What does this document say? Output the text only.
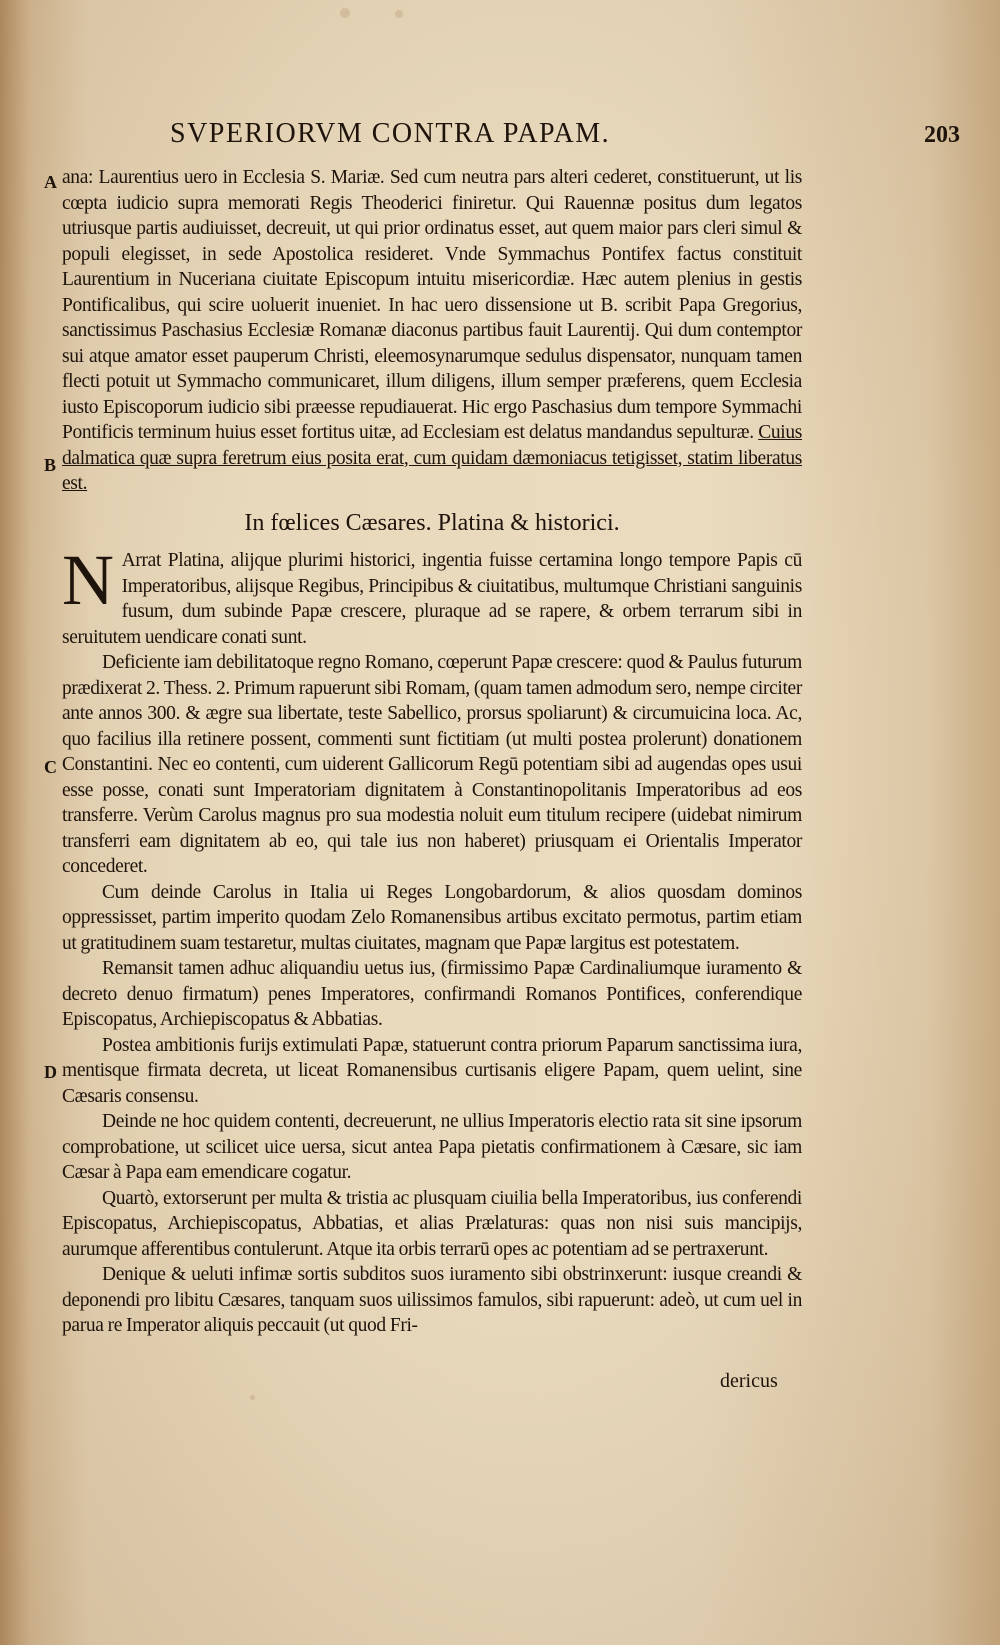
SVPERIORVM CONTRA PAPAM.	203
A
B
C
D

ana: Laurentius uero in Ecclesia S. Mariæ. Sed cum neutra pars alteri cederet, constituerunt, ut lis cœpta iudicio supra memorati Regis Theoderici finiretur. Qui Rauennæ positus dum legatos utriusque partis audiuisset, decreuit, ut qui prior ordinatus esset, aut quem maior pars cleri simul & populi elegisset, in sede Apostolica resideret. Vnde Symmachus Pontifex factus constituit Laurentium in Nuceriana ciuitate Episcopum intuitu misericordiæ. Hæc autem plenius in gestis Pontificalibus, qui scire uoluerit inueniet. In hac uero dissensione ut B. scribit Papa Gregorius, sanctissimus Paschasius Ecclesiæ Romanæ diaconus partibus fauit Laurentij. Qui dum contemptor sui atque amator esset pauperum Christi, eleemosynarumque sedulus dispensator, nunquam tamen flecti potuit ut Symmacho communicaret, illum diligens, illum semper præferens, quem Ecclesia iusto Episcoporum iudicio sibi præesse repudiauerat. Hic ergo Paschasius dum tempore Symmachi Pontificis terminum huius esset fortitus uitæ, ad Ecclesiam est delatus mandandus sepulturæ. Cuius dalmatica quæ supra feretrum eius posita erat, cum quidam dæmoniacus tetigisset, statim liberatus est.

In fœlices Cæsares. Platina & historici.

N Arrat Platina, alijque plurimi historici, ingentia fuisse certamina longo tempore Papis cū Imperatoribus, alijsque Regibus, Principibus & ciuitatibus, multumque Christiani sanguinis fusum, dum subinde Papæ crescere, pluraque ad se rapere, & orbem terrarum sibi in seruitutem uendicare conati sunt.

Deficiente iam debilitatoque regno Romano, cœperunt Papæ crescere: quod & Paulus futurum prædixerat 2. Thess. 2. Primum rapuerunt sibi Romam, (quam tamen admodum sero, nempe circiter ante annos 300. & ægre sua libertate, teste Sabellico, prorsus spoliarunt) & circumuicina loca. Ac, quo facilius illa retinere possent, commenti sunt fictitiam (ut multi postea prolerunt) donationem Constantini. Nec eo contenti, cum uiderent Gallicorum Regū potentiam sibi ad augendas opes usui esse posse, conati sunt Imperatoriam dignitatem à Constantinopolitanis Imperatoribus ad eos transferre. Verùm Carolus magnus pro sua modestia noluit eum titulum recipere (uidebat nimirum transferri eam dignitatem ab eo, qui tale ius non haberet) priusquam ei Orientalis Imperator concederet.

Cum deinde Carolus in Italia ui Reges Longobardorum, & alios quosdam dominos oppressisset, partim imperito quodam Zelo Romanensibus artibus excitato permotus, partim etiam ut gratitudinem suam testaretur, multas ciuitates, magnam que Papæ largitus est potestatem.

Remansit tamen adhuc aliquandiu uetus ius, (firmissimo Papæ Cardinaliumque iuramento & decreto denuo firmatum) penes Imperatores, confirmandi Romanos Pontifices, conferendique Episcopatus, Archiepiscopatus & Abbatias.

Postea ambitionis furijs extimulati Papæ, statuerunt contra priorum Paparum sanctissima iura, mentisque firmata decreta, ut liceat Romanensibus curtisanis eligere Papam, quem uelint, sine Cæsaris consensu.

Deinde ne hoc quidem contenti, decreuerunt, ne ullius Imperatoris electio rata sit sine ipsorum comprobatione, ut scilicet uice uersa, sicut antea Papa pietatis confirmationem à Cæsare, sic iam Cæsar à Papa eam emendicare cogatur.

Quartò, extorserunt per multa & tristia ac plusquam ciuilia bella Imperatoribus, ius conferendi Episcopatus, Archiepiscopatus, Abbatias, et alias Prælaturas: quas non nisi suis mancipijs, aurumque afferentibus contulerunt. Atque ita orbis terrarū opes ac potentiam ad se pertraxerunt.

Denique & ueluti infimæ sortis subditos suos iuramento sibi obstrinxerunt: iusque creandi & deponendi pro libitu Cæsares, tanquam suos uilissimos famulos, sibi rapuerunt: adeò, ut cum uel in parua re Imperator aliquis peccauit (ut quod Fri-

dericus
